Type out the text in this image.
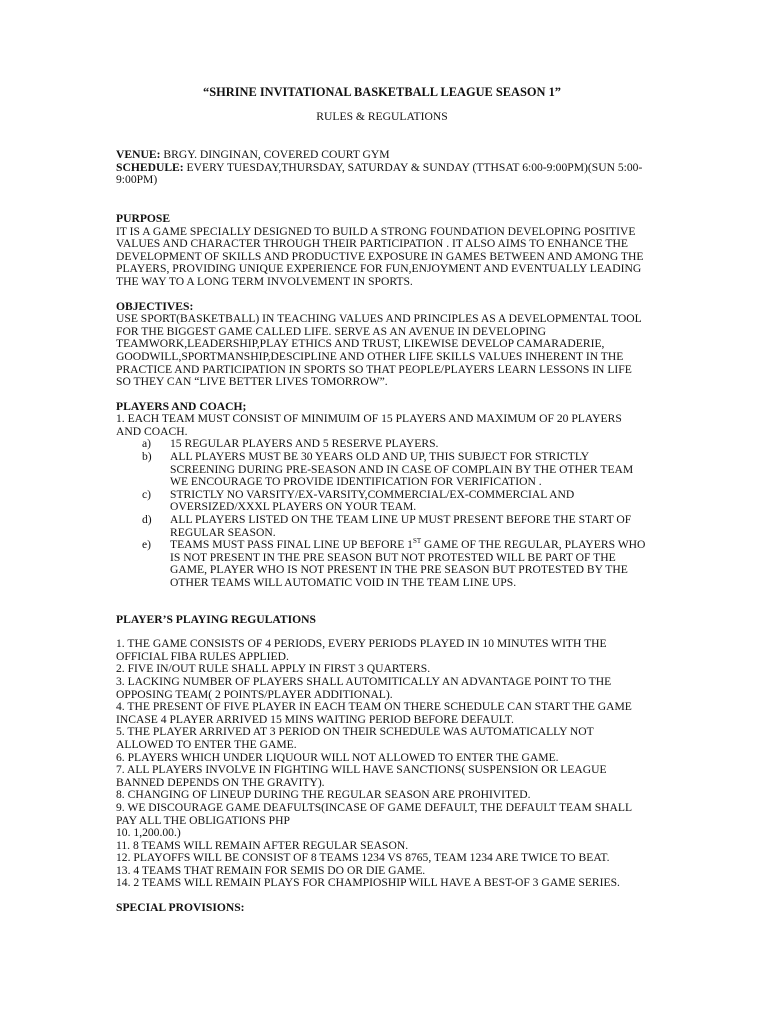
“SHRINE INVITATIONAL BASKETBALL LEAGUE SEASON 1”

RULES & REGULATIONS

VENUE: BRGY. DINGINAN, COVERED COURT GYM

SCHEDULE: EVERY TUESDAY,THURSDAY, SATURDAY & SUNDAY (TTHSAT 6:00-9:00PM)(SUN 5:00-9:00PM)

PURPOSE

IT IS A GAME SPECIALLY DESIGNED TO BUILD A STRONG FOUNDATION DEVELOPING POSITIVE VALUES AND CHARACTER THROUGH THEIR PARTICIPATION . IT ALSO AIMS TO ENHANCE THE DEVELOPMENT OF SKILLS AND PRODUCTIVE EXPOSURE IN GAMES BETWEEN AND AMONG THE PLAYERS, PROVIDING UNIQUE EXPERIENCE FOR FUN,ENJOYMENT AND EVENTUALLY LEADING THE WAY TO A LONG TERM INVOLVEMENT IN SPORTS.

OBJECTIVES:

USE SPORT(BASKETBALL) IN TEACHING VALUES AND PRINCIPLES AS A DEVELOPMENTAL TOOL FOR THE BIGGEST GAME CALLED LIFE. SERVE AS AN AVENUE IN DEVELOPING TEAMWORK,LEADERSHIP,PLAY ETHICS AND TRUST, LIKEWISE DEVELOP CAMARADERIE, GOODWILL,SPORTMANSHIP,DESCIPLINE AND OTHER LIFE SKILLS VALUES INHERENT IN THE PRACTICE AND PARTICIPATION IN SPORTS SO THAT PEOPLE/PLAYERS LEARN LESSONS IN LIFE SO THEY CAN “LIVE BETTER LIVES TOMORROW”.

PLAYERS AND COACH;

1. EACH TEAM MUST CONSIST OF MINIMUIM OF 15 PLAYERS AND MAXIMUM OF 20 PLAYERS AND COACH.

a) 15 REGULAR PLAYERS AND 5 RESERVE PLAYERS.
b) ALL PLAYERS MUST BE 30 YEARS OLD AND UP, THIS SUBJECT FOR STRICTLY SCREENING DURING PRE-SEASON AND IN CASE OF COMPLAIN BY THE OTHER TEAM WE ENCOURAGE TO PROVIDE IDENTIFICATION FOR VERIFICATION .
c) STRICTLY NO VARSITY/EX-VARSITY,COMMERCIAL/EX-COMMERCIAL AND OVERSIZED/XXXL PLAYERS ON YOUR TEAM.
d) ALL PLAYERS LISTED ON THE TEAM LINE UP MUST PRESENT BEFORE THE START OF REGULAR SEASON.
e) TEAMS MUST PASS FINAL LINE UP BEFORE 1ST GAME OF THE REGULAR, PLAYERS WHO IS NOT PRESENT IN THE PRE SEASON BUT NOT PROTESTED WILL BE PART OF THE GAME, PLAYER WHO IS NOT PRESENT IN THE PRE SEASON BUT PROTESTED BY THE OTHER TEAMS WILL AUTOMATIC VOID IN THE TEAM LINE UPS.

PLAYER’S PLAYING REGULATIONS

1. THE GAME CONSISTS OF 4 PERIODS, EVERY PERIODS PLAYED IN 10 MINUTES WITH THE OFFICIAL FIBA RULES APPLIED.

2. FIVE IN/OUT RULE SHALL APPLY IN FIRST 3 QUARTERS.

3. LACKING NUMBER OF PLAYERS SHALL AUTOMITICALLY AN ADVANTAGE POINT TO THE OPPOSING TEAM( 2 POINTS/PLAYER ADDITIONAL).

4. THE PRESENT OF FIVE PLAYER IN EACH TEAM ON THERE SCHEDULE CAN START THE GAME INCASE 4 PLAYER ARRIVED 15 MINS WAITING PERIOD BEFORE DEFAULT.

5. THE PLAYER ARRIVED AT 3 PERIOD ON THEIR SCHEDULE WAS AUTOMATICALLY NOT ALLOWED TO ENTER THE GAME.

6. PLAYERS WHICH UNDER LIQUOUR WILL NOT ALLOWED TO ENTER THE GAME.

7. ALL PLAYERS INVOLVE IN FIGHTING WILL HAVE SANCTIONS( SUSPENSION OR LEAGUE BANNED DEPENDS ON THE GRAVITY).

8. CHANGING OF LINEUP DURING THE REGULAR SEASON ARE PROHIVITED.

9. WE DISCOURAGE GAME DEAFULTS(INCASE OF GAME DEFAULT, THE DEFAULT TEAM SHALL PAY ALL THE OBLIGATIONS PHP

10. 1,200.00.)

11. 8 TEAMS WILL REMAIN AFTER REGULAR SEASON.

12. PLAYOFFS WILL BE CONSIST OF 8 TEAMS 1234 VS 8765, TEAM 1234 ARE TWICE TO BEAT.

13. 4 TEAMS THAT REMAIN FOR SEMIS DO OR DIE GAME.

14. 2 TEAMS WILL REMAIN PLAYS FOR CHAMPIOSHIP WILL HAVE A BEST-OF 3 GAME SERIES.

SPECIAL PROVISIONS:
